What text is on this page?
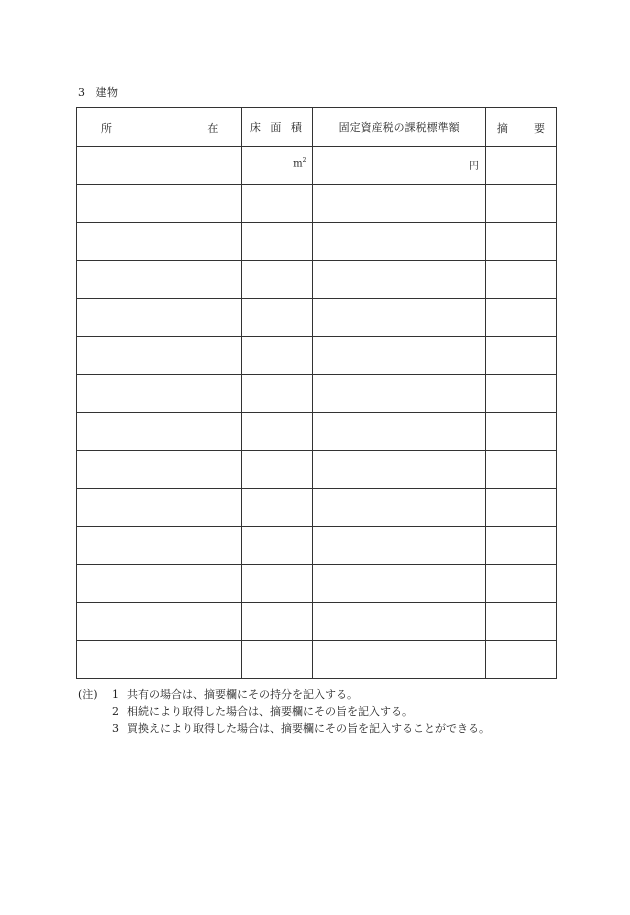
3 建物
所 在	床 面 積	固定資産税の課税標準額	摘 要

	$m^2$	円	

(注) 1 共有の場合は、摘要欄にその持分を記入する。
2 相続により取得した場合は、摘要欄にその旨を記入する。
3 買換えにより取得した場合は、摘要欄にその旨を記入することができる。
